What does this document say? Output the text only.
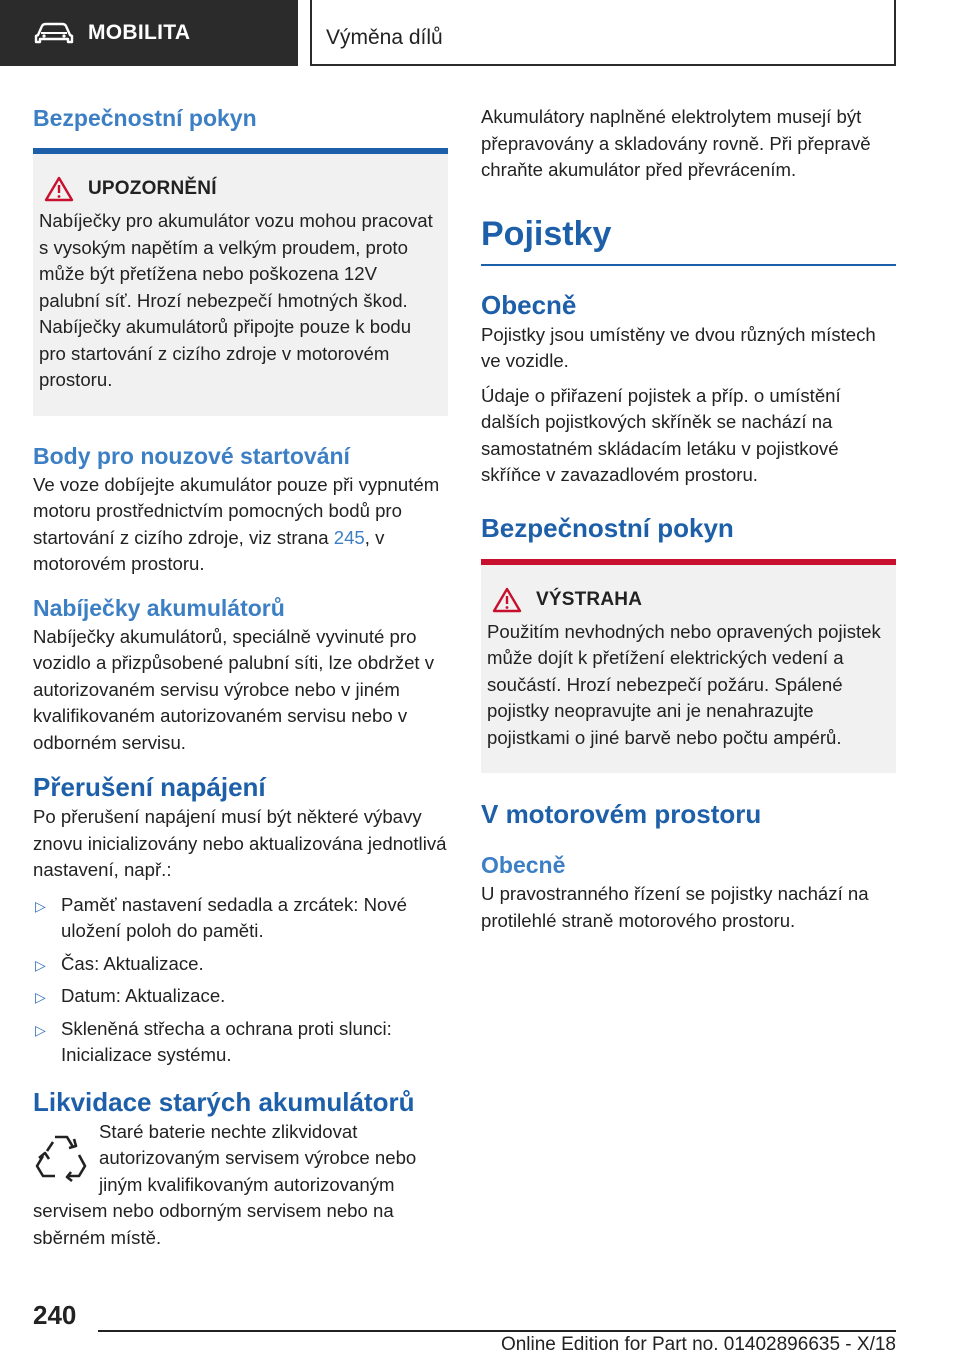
MOBILITA	Výměna dílů
Bezpečnostní pokyn
UPOZORNĚNÍ

Nabíječky pro akumulátor vozu mohou pracovat s vysokým napětím a velkým proudem, proto může být přetížena nebo poškozena 12V palubní síť. Hrozí nebezpečí hmotných škod. Nabíječky akumulátorů připojte pouze k bodu pro startování z cizího zdroje v motorovém prostoru.

Body pro nouzové startování

Ve voze dobíjejte akumulátor pouze při vypnutém motoru prostřednictvím pomocných bodů pro startování z cizího zdroje, viz strana 245, v motorovém prostoru.

Nabíječky akumulátorů

Nabíječky akumulátorů, speciálně vyvinuté pro vozidlo a přizpůsobené palubní síti, lze obdržet v autorizovaném servisu výrobce nebo v jiném kvalifikovaném autorizovaném servisu nebo v odborném servisu.

Přerušení napájení

Po přerušení napájení musí být některé výbavy znovu inicializovány nebo aktualizována jednotlivá nastavení, např.:

▷ Paměť nastavení sedadla a zrcátek: Nové uložení poloh do paměti.
▷ Čas: Aktualizace.
▷ Datum: Aktualizace.
▷ Skleněná střecha a ochrana proti slunci: Inicializace systému.
Likvidace starých akumulátorů

Staré baterie nechte zlikvidovat autorizovaným servisem výrobce nebo jiným kvalifikovaným autorizovaným servisem nebo odborným servisem nebo na sběrném místě.

Akumulátory naplněné elektrolytem musejí být přepravovány a skladovány rovně. Při přepravě chraňte akumulátor před převrácením.

Pojistky
Obecně

Pojistky jsou umístěny ve dvou různých místech ve vozidle.

Údaje o přiřazení pojistek a příp. o umístění dalších pojistkových skříněk se nachází na samostatném skládacím letáku v pojistkové skříňce v zavazadlovém prostoru.

Bezpečnostní pokyn
VÝSTRAHA

Použitím nevhodných nebo opravených pojistek může dojít k přetížení elektrických vedení a součástí. Hrozí nebezpečí požáru. Spálené pojistky neopravujte ani je nenahrazujte pojistkami o jiné barvě nebo počtu ampérů.

V motorovém prostoru
Obecně

U pravostranného řízení se pojistky nachází na protilehlé straně motorového prostoru.

240
Online Edition for Part no. 01402896635 - X/18
